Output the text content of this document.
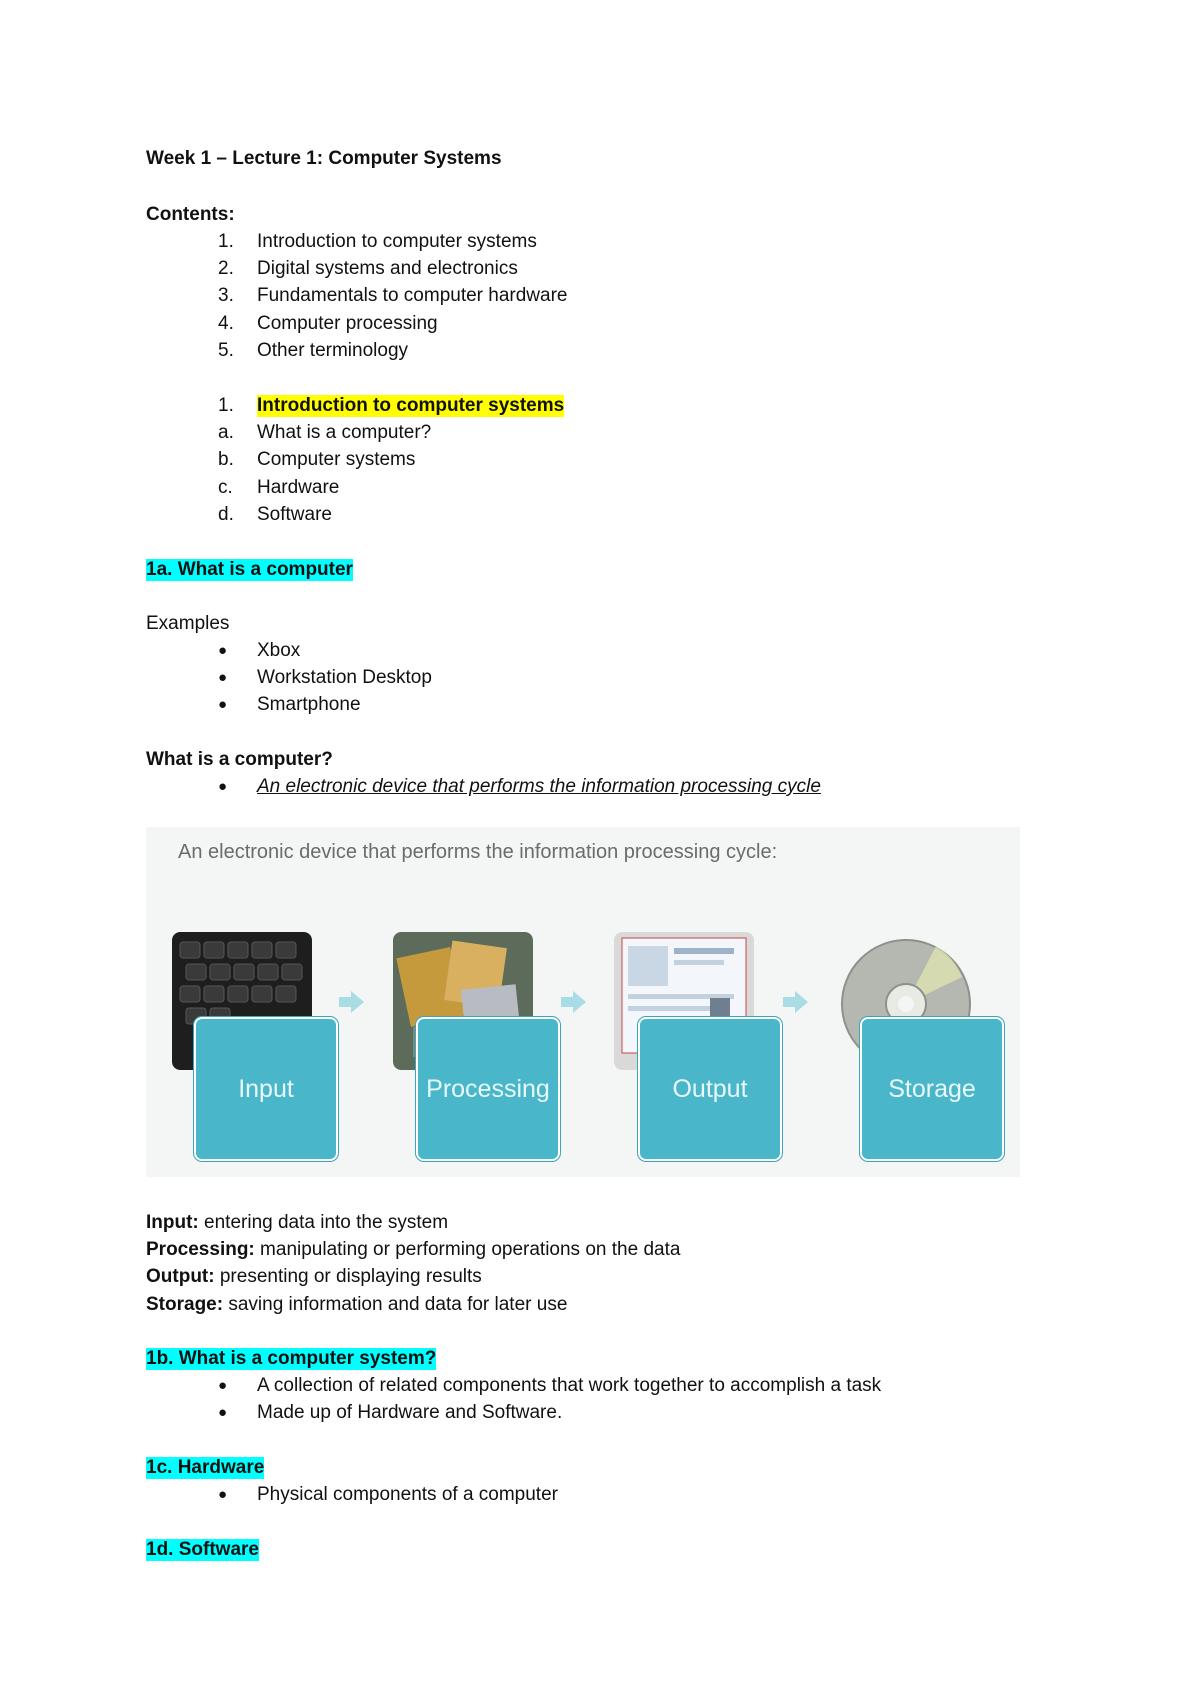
Week 1 – Lecture 1: Computer Systems
Contents:
1. Introduction to computer systems
2. Digital systems and electronics
3. Fundamentals to computer hardware
4. Computer processing
5. Other terminology
1. Introduction to computer systems
a. What is a computer?
b. Computer systems
c. Hardware
d. Software
1a. What is a computer
Examples
● Xbox
● Workstation Desktop
● Smartphone
What is a computer?
● An electronic device that performs the information processing cycle
An electronic device that performs the information processing cycle:
Input	Processing	Output	Storage
Input: entering data into the system
Processing: manipulating or performing operations on the data
Output: presenting or displaying results
Storage: saving information and data for later use
1b. What is a computer system?
● A collection of related components that work together to accomplish a task
● Made up of Hardware and Software.
1c. Hardware
● Physical components of a computer
1d. Software
